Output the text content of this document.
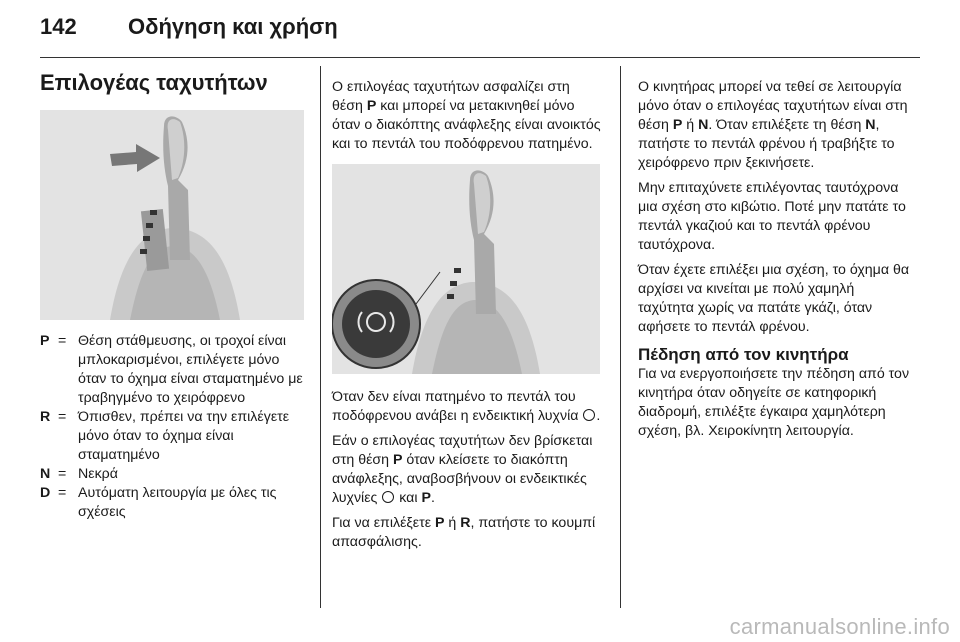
142 Οδήγηση και χρήση
Επιλογέας ταχυτήτων
P = Θέση στάθμευσης, οι τροχοί είναι μπλοκαρισμένοι, επιλέγετε μόνο όταν το όχημα είναι σταματημένο με τραβηγμένο το χειρόφρενο
R = Όπισθεν, πρέπει να την επιλέγετε μόνο όταν το όχημα είναι σταματημένο
N = Νεκρά
D = Αυτόματη λειτουργία με όλες τις σχέσεις

Ο επιλογέας ταχυτήτων ασφαλίζει στη θέση P και μπορεί να μετακινηθεί μόνο όταν ο διακόπτης ανάφλεξης είναι ανοικτός και το πεντάλ του ποδόφρενου πατημένο.

Όταν δεν είναι πατημένο το πεντάλ του ποδόφρενου ανάβει η ενδεικτική λυχνία .

Εάν ο επιλογέας ταχυτήτων δεν βρίσκεται στη θέση P όταν κλείσετε το διακόπτη ανάφλεξης, αναβοσβήνουν οι ενδεικτικές λυχνίες  και P.

Για να επιλέξετε P ή R, πατήστε το κουμπί απασφάλισης.

Ο κινητήρας μπορεί να τεθεί σε λειτουργία μόνο όταν ο επιλογέας ταχυτήτων είναι στη θέση P ή N. Όταν επιλέξετε τη θέση N, πατήστε το πεντάλ φρένου ή τραβήξτε το χειρόφρενο πριν ξεκινήσετε.

Μην επιταχύνετε επιλέγοντας ταυτόχρονα μια σχέση στο κιβώτιο. Ποτέ μην πατάτε το πεντάλ γκαζιού και το πεντάλ φρένου ταυτόχρονα.

Όταν έχετε επιλέξει μια σχέση, το όχημα θα αρχίσει να κινείται με πολύ χαμηλή ταχύτητα χωρίς να πατάτε γκάζι, όταν αφήσετε το πεντάλ φρένου.

Πέδηση από τον κινητήρα

Για να ενεργοποιήσετε την πέδηση από τον κινητήρα όταν οδηγείτε σε κατηφορική διαδρομή, επιλέξτε έγκαιρα χαμηλότερη σχέση, βλ. Χειροκίνητη λειτουργία.

carmanualsonline.info
